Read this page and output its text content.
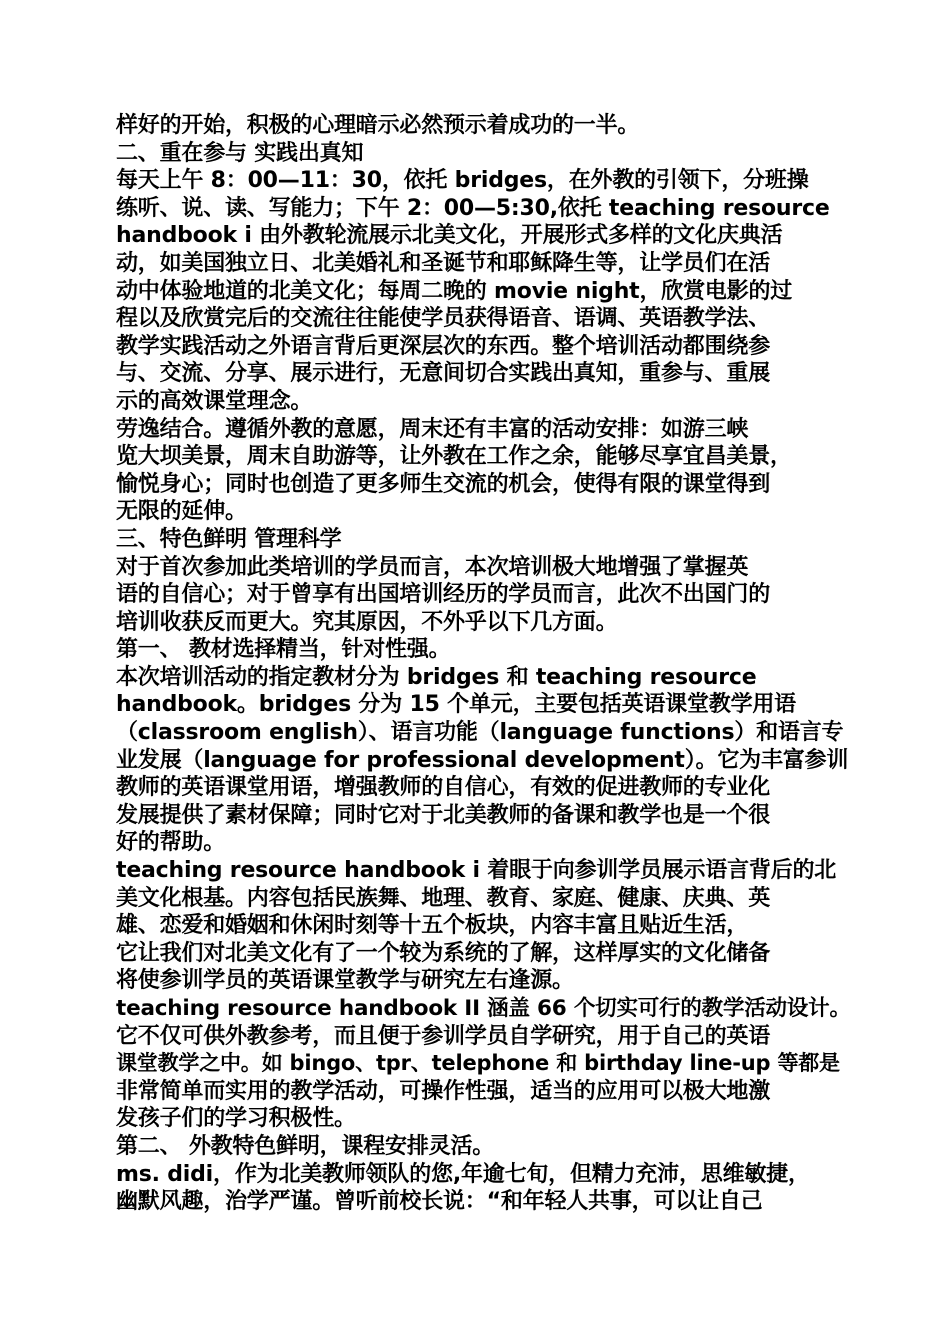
样好的开始，积极的心理暗示必然预示着成功的一半。
二、重在参与 实践出真知
每天上午 8：00—11：30，依托 bridges，在外教的引领下，分班操
练听、说、读、写能力；下午 2：00—5:30,依托 teaching resource
handbook i 由外教轮流展示北美文化，开展形式多样的文化庆典活
动，如美国独立日、北美婚礼和圣诞节和耶稣降生等，让学员们在活
动中体验地道的北美文化；每周二晚的 movie night，欣赏电影的过
程以及欣赏完后的交流往往能使学员获得语音、语调、英语教学法、
教学实践活动之外语言背后更深层次的东西。整个培训活动都围绕参
与、交流、分享、展示进行，无意间切合实践出真知，重参与、重展
示的高效课堂理念。
劳逸结合。遵循外教的意愿，周末还有丰富的活动安排：如游三峡
览大坝美景，周末自助游等，让外教在工作之余，能够尽享宜昌美景，
愉悦身心；同时也创造了更多师生交流的机会，使得有限的课堂得到
无限的延伸。
三、特色鲜明 管理科学
对于首次参加此类培训的学员而言，本次培训极大地增强了掌握英
语的自信心；对于曾享有出国培训经历的学员而言，此次不出国门的
培训收获反而更大。究其原因，不外乎以下几方面。
第一、 教材选择精当，针对性强。
本次培训活动的指定教材分为 bridges 和 teaching resource
handbook。bridges 分为 15 个单元，主要包括英语课堂教学用语
（classroom english）、语言功能（language functions）和语言专
业发展（language for professional development）。它为丰富参训
教师的英语课堂用语，增强教师的自信心，有效的促进教师的专业化
发展提供了素材保障；同时它对于北美教师的备课和教学也是一个很
好的帮助。
teaching resource handbook i 着眼于向参训学员展示语言背后的北
美文化根基。内容包括民族舞、地理、教育、家庭、健康、庆典、英
雄、恋爱和婚姻和休闲时刻等十五个板块，内容丰富且贴近生活，
它让我们对北美文化有了一个较为系统的了解，这样厚实的文化储备
将使参训学员的英语课堂教学与研究左右逢源。
teaching resource handbook II 涵盖 66 个切实可行的教学活动设计。
它不仅可供外教参考，而且便于参训学员自学研究，用于自己的英语
课堂教学之中。如 bingo、tpr、telephone 和 birthday line-up 等都是
非常简单而实用的教学活动，可操作性强，适当的应用可以极大地激
发孩子们的学习积极性。
第二、 外教特色鲜明，课程安排灵活。
ms. didi，作为北美教师领队的您,年逾七旬，但精力充沛，思维敏捷，
幽默风趣，治学严谨。曾听前校长说：“和年轻人共事，可以让自己
